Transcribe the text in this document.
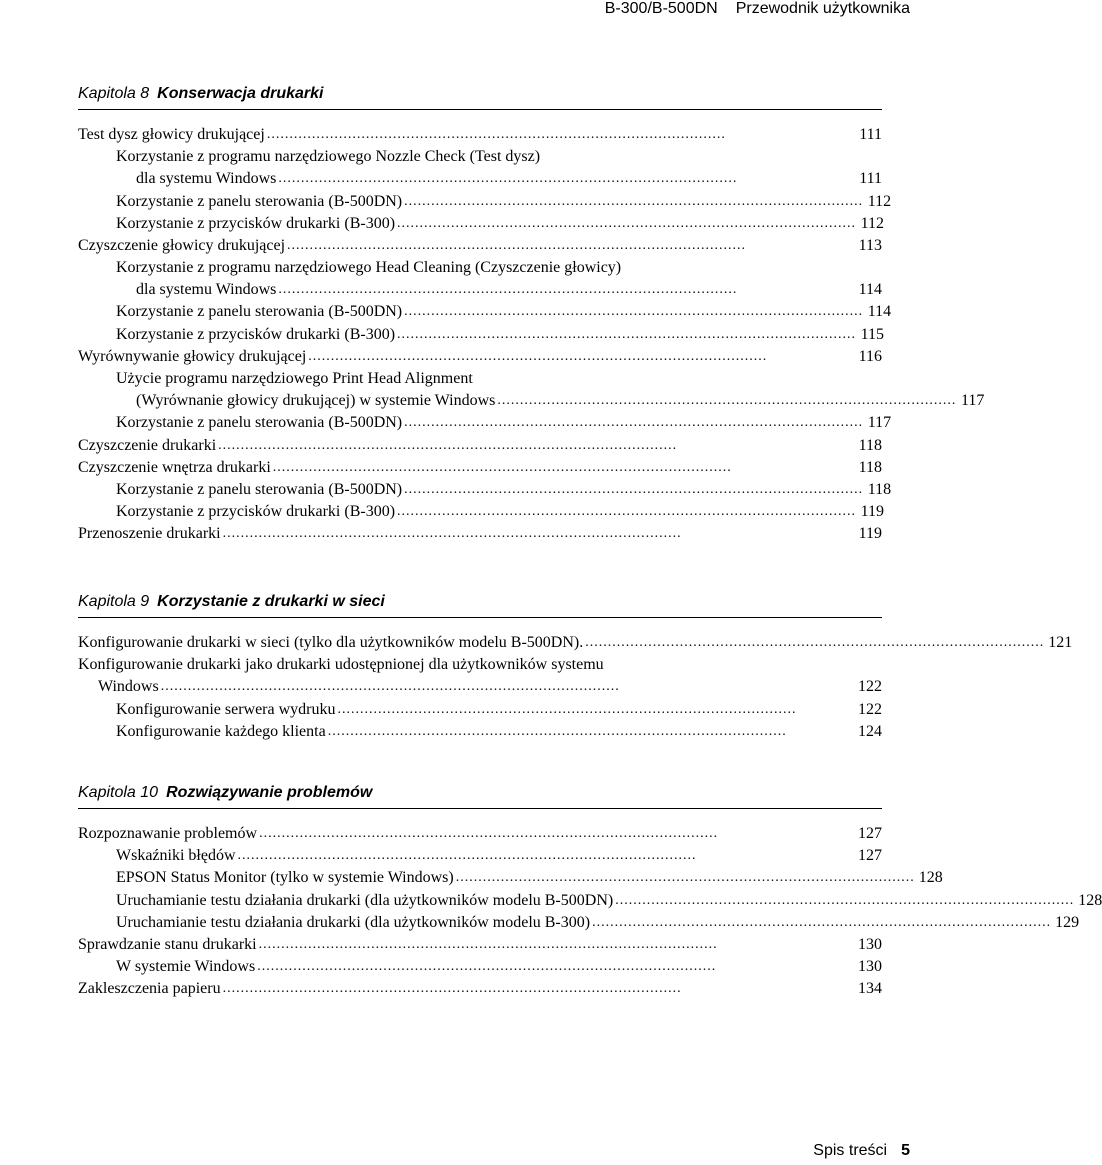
B-300/B-500DN Przewodnik użytkownika
Kapitola 8 Konserwacja drukarki
Test dysz głowicy drukującej ......................................................................................................	111
Korzystanie z programu narzędziowego Nozzle Check (Test dysz)
dla systemu Windows ......................................................................................................	111
Korzystanie z panelu sterowania (B-500DN) ...................................................................................................... 112
Korzystanie z przycisków drukarki (B-300) ...................................................................................................... 112
Czyszczenie głowicy drukującej ......................................................................................................	113
Korzystanie z programu narzędziowego Head Cleaning (Czyszczenie głowicy)
dla systemu Windows ......................................................................................................	114
Korzystanie z panelu sterowania (B-500DN) ...................................................................................................... 114
Korzystanie z przycisków drukarki (B-300) ...................................................................................................... 115
Wyrównywanie głowicy drukującej ......................................................................................................	116
Użycie programu narzędziowego Print Head Alignment
(Wyrównanie głowicy drukującej) w systemie Windows ...................................................................................................... 117
Korzystanie z panelu sterowania (B-500DN) ...................................................................................................... 117
Czyszczenie drukarki ......................................................................................................	118
Czyszczenie wnętrza drukarki ......................................................................................................	118
Korzystanie z panelu sterowania (B-500DN) ...................................................................................................... 118
Korzystanie z przycisków drukarki (B-300) ...................................................................................................... 119
Przenoszenie drukarki ......................................................................................................	119
Kapitola 9 Korzystanie z drukarki w sieci
Konfigurowanie drukarki w sieci (tylko dla użytkowników modelu B-500DN). ...................................................................................................... 121
Konfigurowanie drukarki jako drukarki udostępnionej dla użytkowników systemu
Windows ......................................................................................................	122
Konfigurowanie serwera wydruku ......................................................................................................	122
Konfigurowanie każdego klienta ......................................................................................................	124
Kapitola 10 Rozwiązywanie problemów
Rozpoznawanie problemów ......................................................................................................	127
Wskaźniki błędów ......................................................................................................	127
EPSON Status Monitor (tylko w systemie Windows) ...................................................................................................... 128
Uruchamianie testu działania drukarki (dla użytkowników modelu B-500DN) ...................................................................................................... 128
Uruchamianie testu działania drukarki (dla użytkowników modelu B-300) ...................................................................................................... 129
Sprawdzanie stanu drukarki ......................................................................................................	130
W systemie Windows ......................................................................................................	130
Zakleszczenia papieru ......................................................................................................	134
Spis treści 5
